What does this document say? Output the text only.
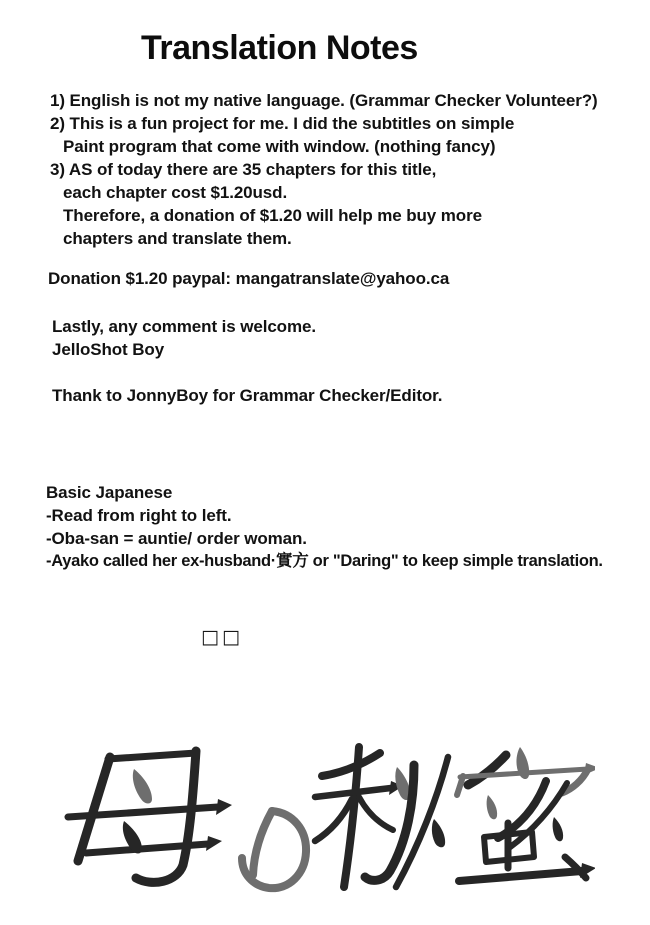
Translation Notes
1) English is not my native language. (Grammar Checker Volunteer?)
2) This is a fun project for me. I did the subtitles on simple
Paint program that come with window. (nothing fancy)
3) AS of today there are 35 chapters for this title,
each chapter cost $1.20usd.
Therefore, a donation of $1.20 will help me buy more
chapters and translate them.
Donation $1.20 paypal: mangatranslate@yahoo.ca
Lastly, any comment is welcome.
JelloShot Boy
Thank to JonnyBoy for Grammar Checker/Editor.
Basic Japanese
-Read from right to left.
-Oba-san = auntie/ order woman.
-Ayako called her ex-husband·實方 or "Daring" to keep simple translation.
□□
